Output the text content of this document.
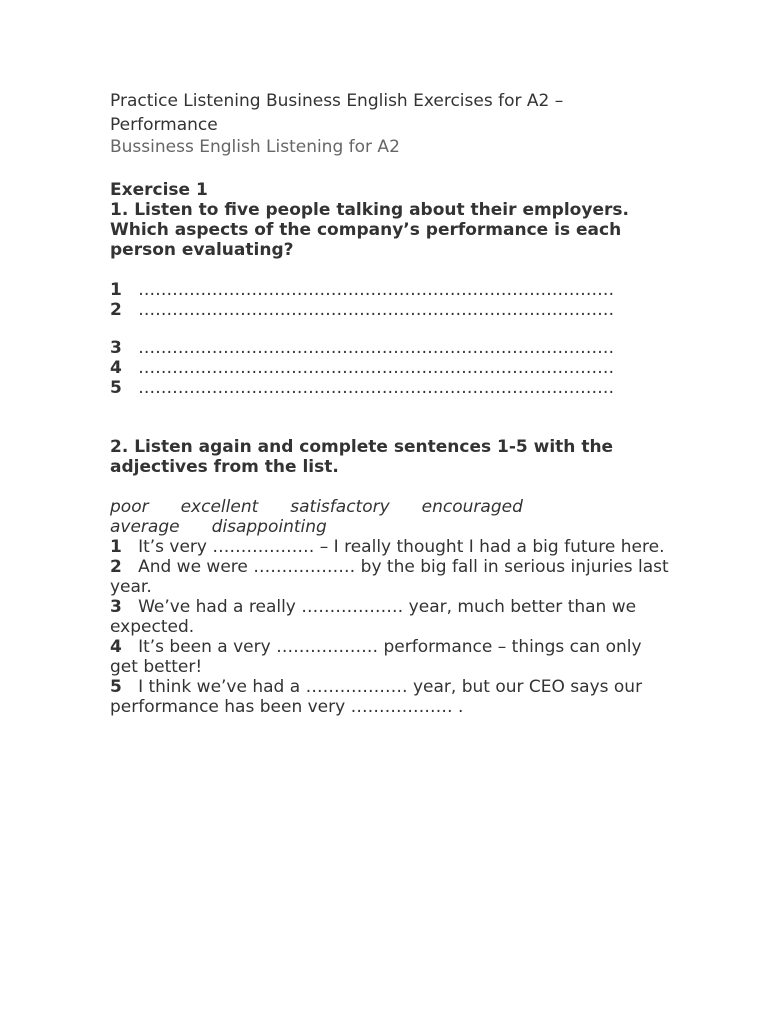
Practice Listening Business English Exercises for A2 – Performance
Bussiness English Listening for A2
Exercise 1
1. Listen to five people talking about their employers. Which aspects of the company’s performance is each person evaluating?
1 …………………………………………………………………………
2 …………………………………………………………………………
3 …………………………………………………………………………
4 …………………………………………………………………………
5 …………………………………………………………………………
2. Listen again and complete sentences 1-5 with the adjectives from the list.
poor excellent satisfactory encouraged
average disappointing
1 It’s very ……………… – I really thought I had a big future here.
2 And we were ……………… by the big fall in serious injuries last year.
3 We’ve had a really ……………… year, much better than we expected.
4 It’s been a very ……………… performance – things can only get better!
5 I think we’ve had a ……………… year, but our CEO says our performance has been very ……………… .
